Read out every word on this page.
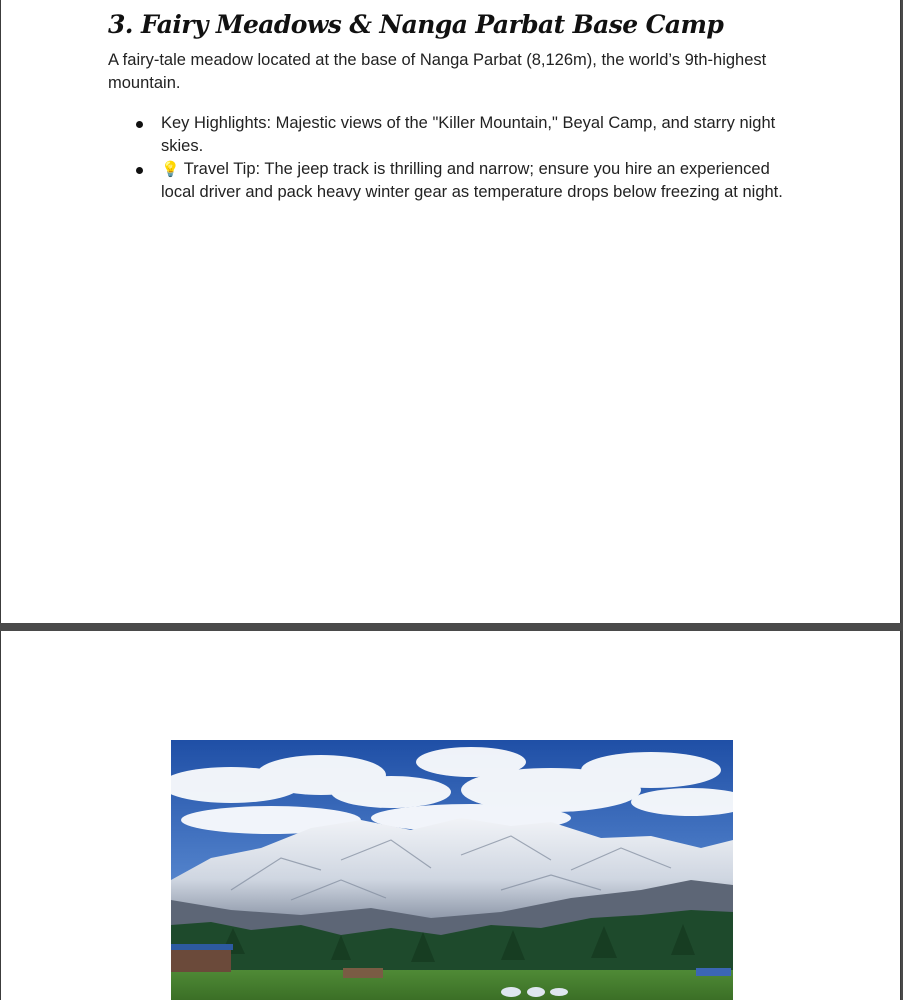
3. Fairy Meadows & Nanga Parbat Base Camp

A fairy-tale meadow located at the base of Nanga Parbat (8,126m), the world’s 9th-highest mountain.

Key Highlights: Majestic views of the "Killer Mountain," Beyal Camp, and starry night skies.
💡 Travel Tip: The jeep track is thrilling and narrow; ensure you hire an experienced local driver and pack heavy winter gear as temperature drops below freezing at night.
